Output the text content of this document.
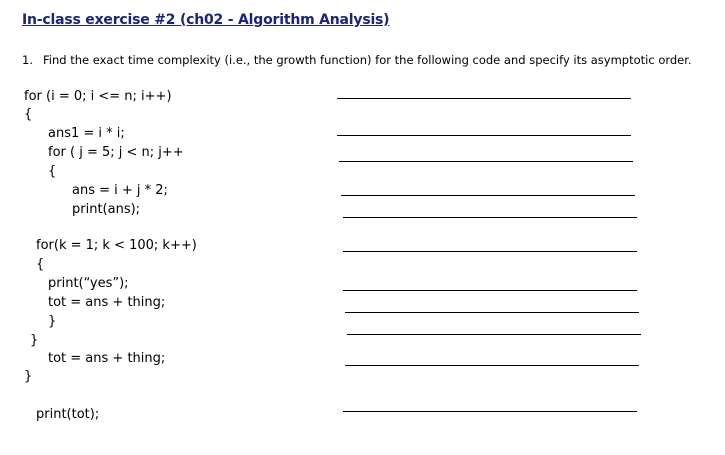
In-class exercise #2 (ch02 - Algorithm Analysis)
1. Find the exact time complexity (i.e., the growth function) for the following code and specify its asymptotic order.
for (i = 0; i <= n; i++)
{
ans1 = i * i;
for ( j = 5; j < n; j++
{
ans = i + j * 2;
print(ans);
for(k = 1; k < 100; k++)
{
print(“yes”);
tot = ans + thing;
}
}
tot = ans + thing;
}
print(tot);
